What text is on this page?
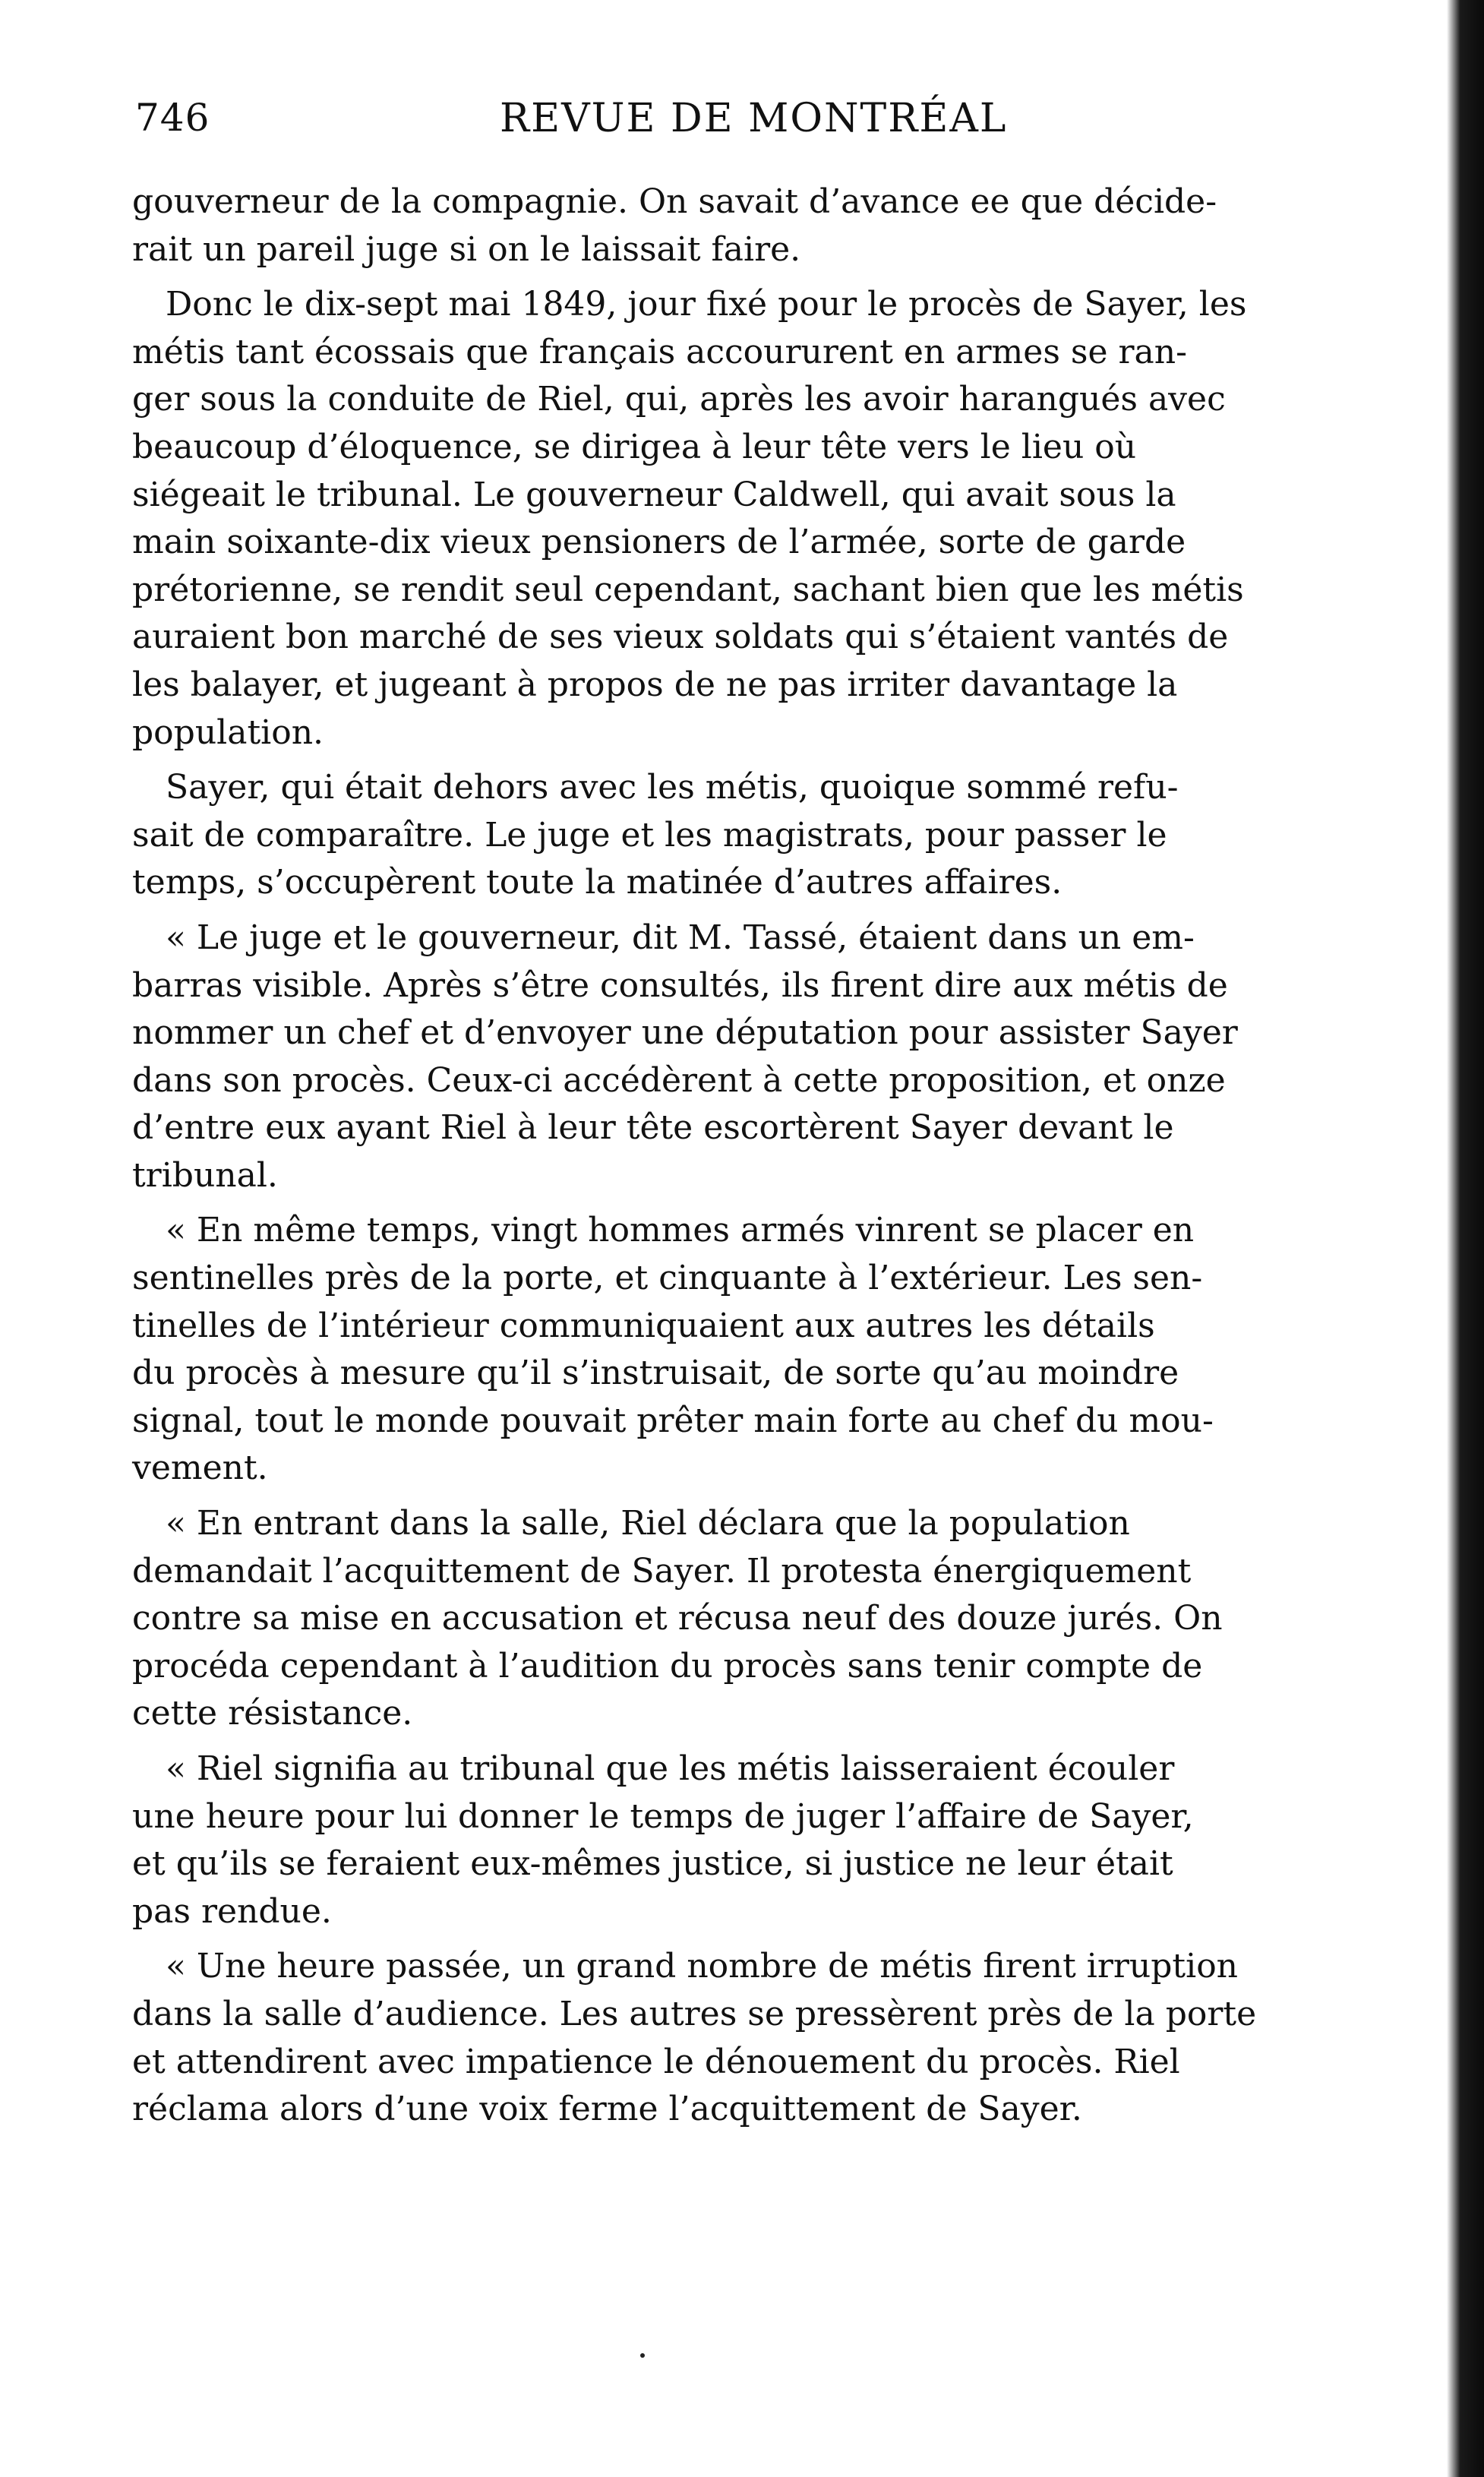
746	REVUE DE MONTRÉAL

gouverneur de la compagnie. On savait d’avance ee que décide-
rait un pareil juge si on le laissait faire.

Donc le dix-sept mai 1849, jour fixé pour le procès de Sayer, les
métis tant écossais que français accoururent en armes se ran-
ger sous la conduite de Riel, qui, après les avoir harangués avec
beaucoup d’éloquence, se dirigea à leur tête vers le lieu où
siégeait le tribunal. Le gouverneur Caldwell, qui avait sous la
main soixante-dix vieux pensioners de l’armée, sorte de garde
prétorienne, se rendit seul cependant, sachant bien que les métis
auraient bon marché de ses vieux soldats qui s’étaient vantés de
les balayer, et jugeant à propos de ne pas irriter davantage la
population.

Sayer, qui était dehors avec les métis, quoique sommé refu-
sait de comparaître. Le juge et les magistrats, pour passer le
temps, s’occupèrent toute la matinée d’autres affaires.

« Le juge et le gouverneur, dit M. Tassé, étaient dans un em-
barras visible. Après s’être consultés, ils firent dire aux métis de
nommer un chef et d’envoyer une députation pour assister Sayer
dans son procès. Ceux-ci accédèrent à cette proposition, et onze
d’entre eux ayant Riel à leur tête escortèrent Sayer devant le
tribunal.

« En même temps, vingt hommes armés vinrent se placer en
sentinelles près de la porte, et cinquante à l’extérieur. Les sen-
tinelles de l’intérieur communiquaient aux autres les détails
du procès à mesure qu’il s’instruisait, de sorte qu’au moindre
signal, tout le monde pouvait prêter main forte au chef du mou-
vement.

« En entrant dans la salle, Riel déclara que la population
demandait l’acquittement de Sayer. Il protesta énergiquement
contre sa mise en accusation et récusa neuf des douze jurés. On
procéda cependant à l’audition du procès sans tenir compte de
cette résistance.

« Riel signifia au tribunal que les métis laisseraient écouler
une heure pour lui donner le temps de juger l’affaire de Sayer,
et qu’ils se feraient eux-mêmes justice, si justice ne leur était
pas rendue.

« Une heure passée, un grand nombre de métis firent irruption
dans la salle d’audience. Les autres se pressèrent près de la porte
et attendirent avec impatience le dénouement du procès. Riel
réclama alors d’une voix ferme l’acquittement de Sayer.
